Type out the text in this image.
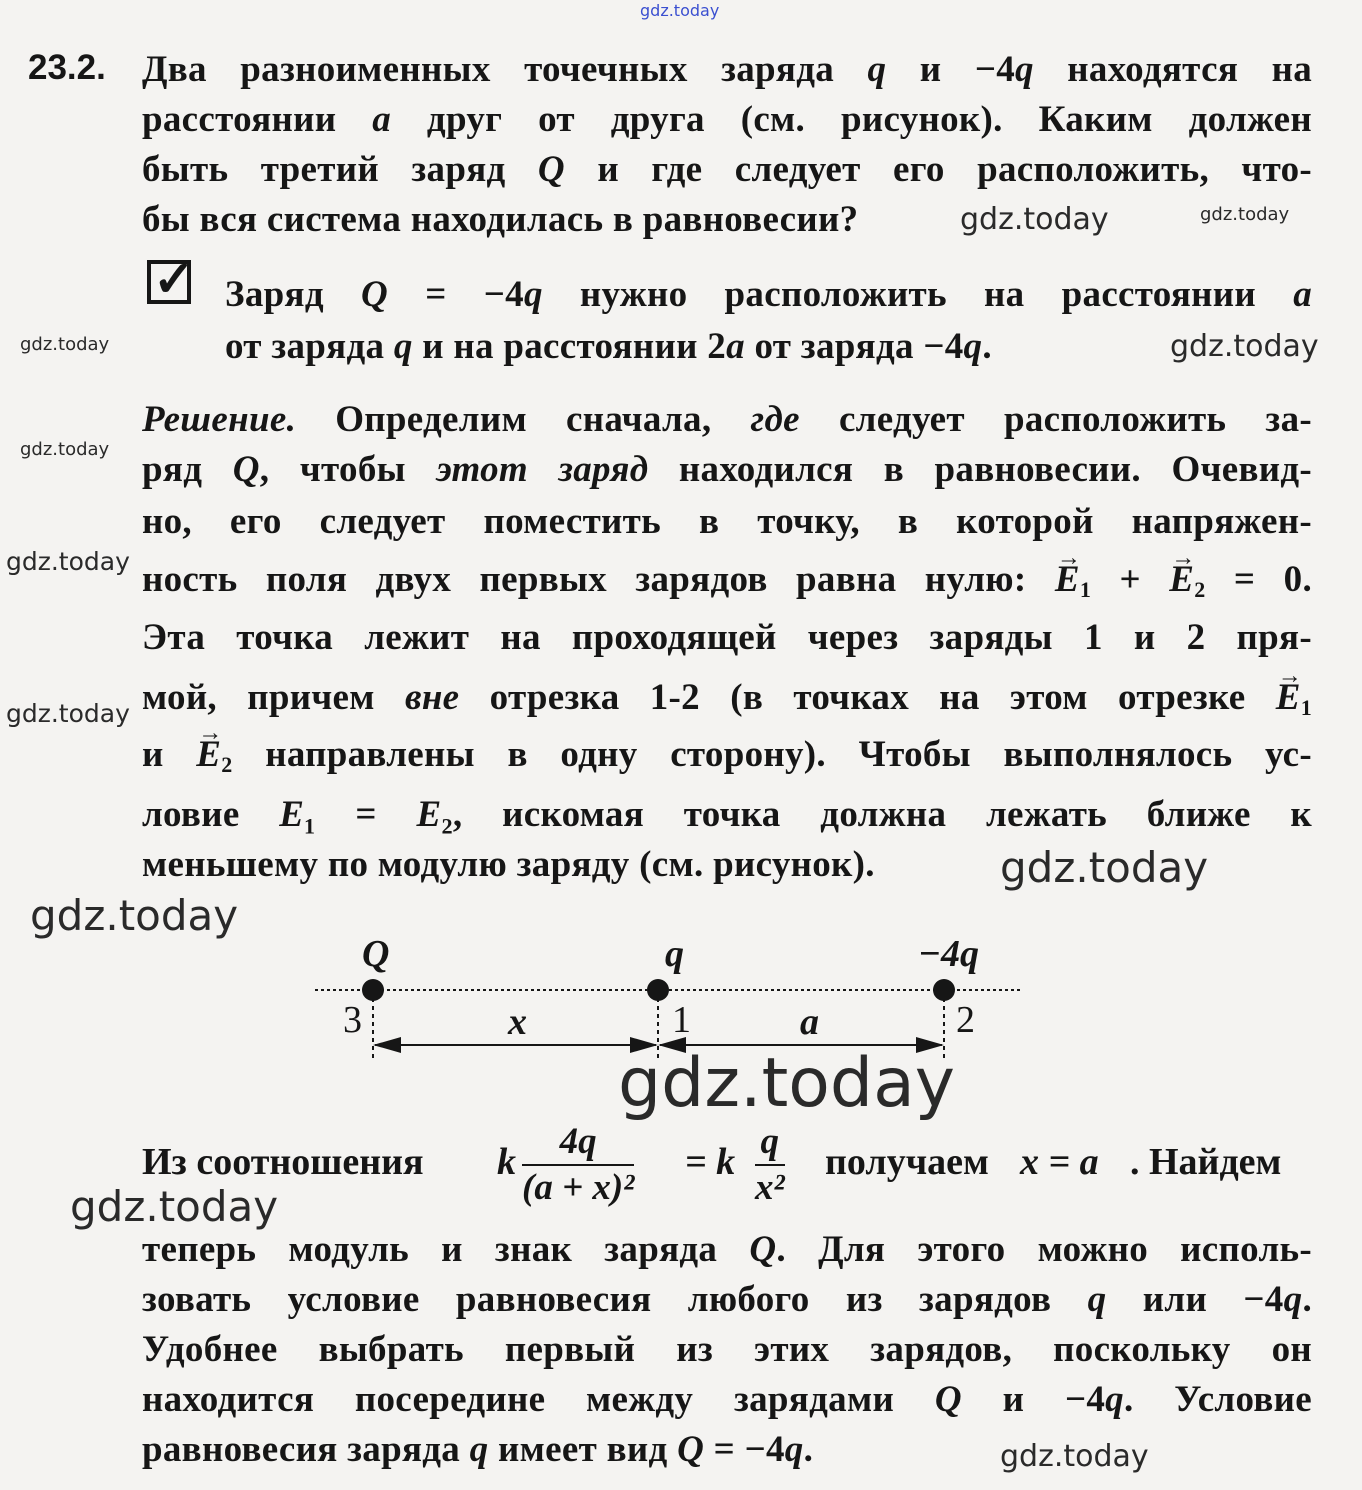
23.2.
✓
Два разноименных точечных заряда q и −4q находятся на
расстоянии a друг от друга (см. рисунок). Каким должен
быть третий заряд Q и где следует его расположить, что-
бы вся система находилась в равновесии?
Заряд Q = −4q нужно расположить на расстоянии a
от заряда q и на расстоянии 2a от заряда −4q.
Решение. Определим сначала, где следует расположить за-
ряд Q, чтобы этот заряд находился в равновесии. Очевид-
но, его следует поместить в точку, в которой напряжен-
ность поля двух первых зарядов равна нулю: → $E_1$ + → $E_2 = 0$.
Эта точка лежит на проходящей через заряды 1 и 2 пря-
мой, причем вне отрезка 1-2 (в точках на этом отрезке → $E_1$
$и \to E_2$ направлены в одну сторону). Чтобы выполнялось ус-
ловие E₁ = E₂, искомая точка должна лежать ближе к
меньшему по модулю заряду (см. рисунок).
теперь модуль и знак заряда Q. Для этого можно исполь-
зовать условие равновесия любого из зарядов q или −4q.
Удобнее выбрать первый из этих зарядов, поскольку он
находится посередине между зарядами Q и −4q. Условие
равновесия заряда q имеет вид Q = −4q.
Из соотношения k $\frac{4q}{\text{(a + x)²}} = k \frac{q}{\text{x²}}$ получаем x = a . Найдем
Q	q	−4q
3	1	2
x	a
gdz.today
gdz.today
gdz.today
gdz.today
gdz.today
gdz.today
gdz.today
gdz.today
gdz.today
gdz.today
gdz.today
gdz.today
gdz.today
